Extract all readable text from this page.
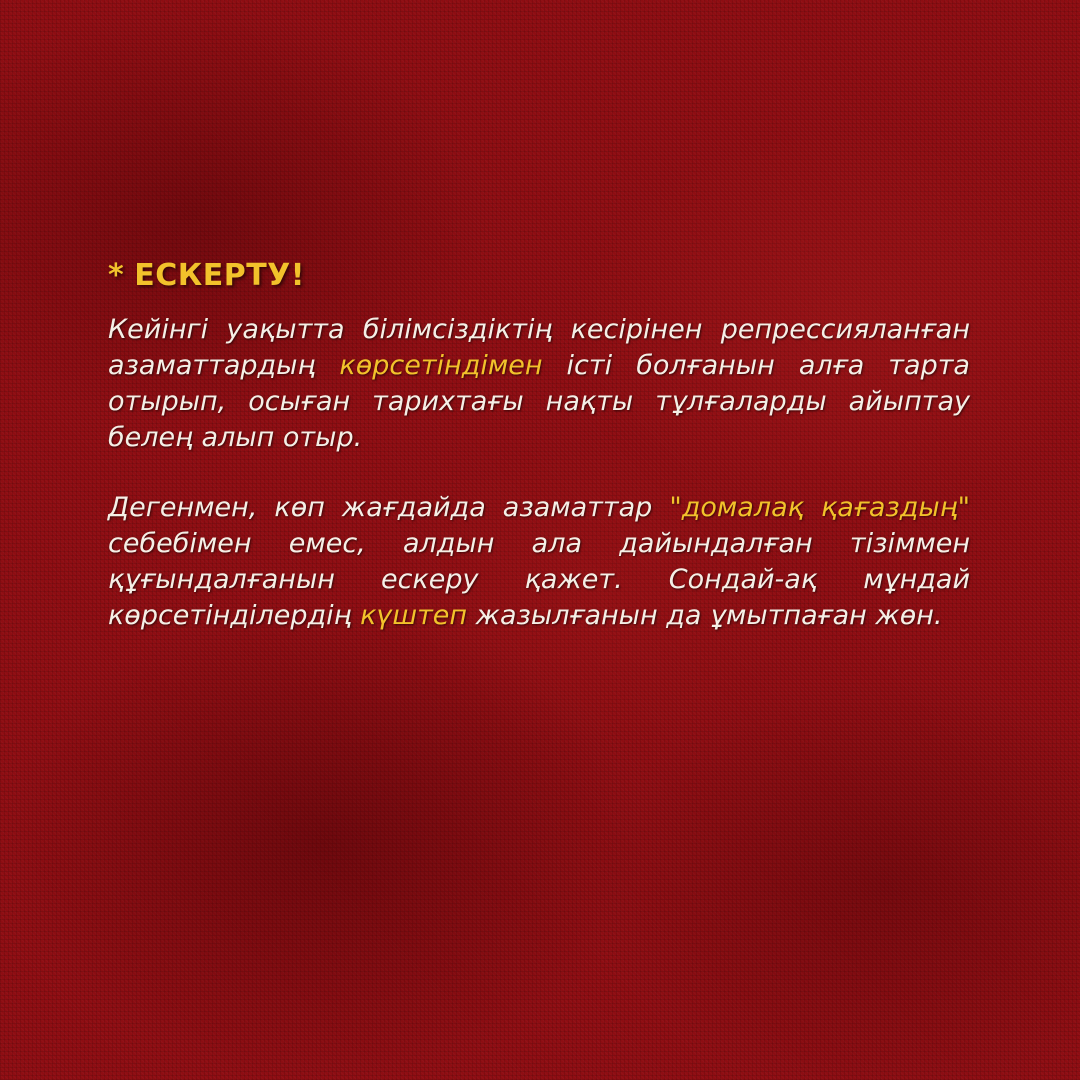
* ЕСКЕРТУ!

Кейінгі уақытта білімсіздіктің кесірінен репрессияланған азаматтардың көрсетіндімен істі болғанын алға тарта отырып, осыған тарихтағы нақты тұлғаларды айыптау белең алып отыр.

Дегенмен, көп жағдайда азаматтар "домалақ қағаздың" себебімен емес, алдын ала дайындалған тізіммен құғындалғанын ескеру қажет. Сондай-ақ мұндай көрсетінділердің күштеп жазылғанын да ұмытпаған жөн.
